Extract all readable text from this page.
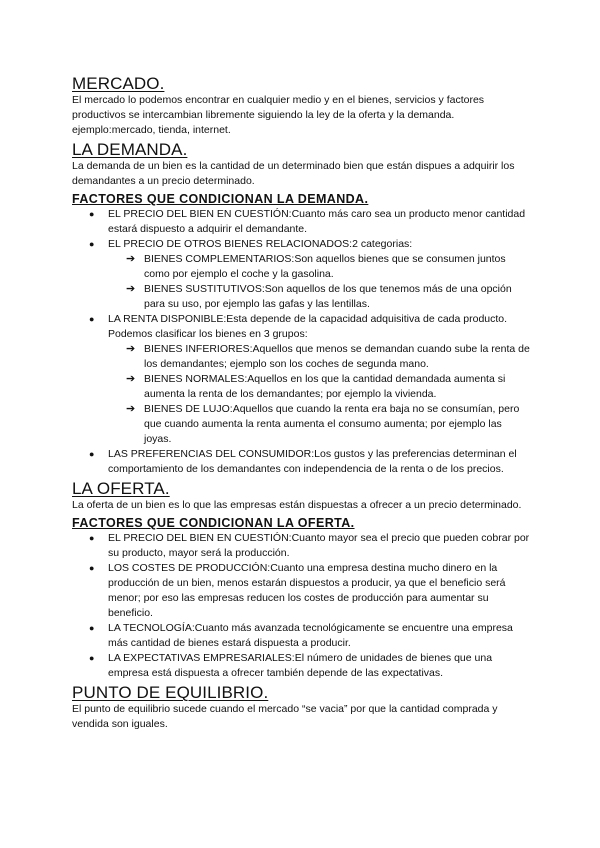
MERCADO.

El mercado lo podemos encontrar en cualquier medio y en el bienes, servicios y factores productivos se intercambian libremente siguiendo la ley de la oferta y la demanda.

ejemplo:mercado, tienda, internet.

LA DEMANDA.

La demanda de un bien es la cantidad de un determinado bien que están dispues a adquirir los demandantes a un precio determinado.

FACTORES QUE CONDICIONAN LA DEMANDA.
● EL PRECIO DEL BIEN EN CUESTIÓN:Cuanto más caro sea un producto menor cantidad estará dispuesto a adquirir el demandante.
● EL PRECIO DE OTROS BIENES RELACIONADOS:2 categorias:
➔ BIENES COMPLEMENTARIOS:Son aquellos bienes que se consumen juntos como por ejemplo el coche y la gasolina.
➔ BIENES SUSTITUTIVOS:Son aquellos de los que tenemos más de una opción para su uso, por ejemplo las gafas y las lentillas.
● LA RENTA DISPONIBLE:Esta depende de la capacidad adquisitiva de cada producto. Podemos clasificar los bienes en 3 grupos:
➔ BIENES INFERIORES:Aquellos que menos se demandan cuando sube la renta de los demandantes; ejemplo son los coches de segunda mano.
➔ BIENES NORMALES:Aquellos en los que la cantidad demandada aumenta si aumenta la renta de los demandantes; por ejemplo la vivienda.
➔ BIENES DE LUJO:Aquellos que cuando la renta era baja no se consumían, pero que cuando aumenta la renta aumenta el consumo aumenta; por ejemplo las joyas.
● LAS PREFERENCIAS DEL CONSUMIDOR:Los gustos y las preferencias determinan el comportamiento de los demandantes con independencia de la renta o de los precios.
LA OFERTA.

La oferta de un bien es lo que las empresas están dispuestas a ofrecer a un precio determinado.

FACTORES QUE CONDICIONAN LA OFERTA.
● EL PRECIO DEL BIEN EN CUESTIÓN:Cuanto mayor sea el precio que pueden cobrar por su producto, mayor será la producción.
● LOS COSTES DE PRODUCCIÓN:Cuanto una empresa destina mucho dinero en la producción de un bien, menos estarán dispuestos a producir, ya que el beneficio será menor; por eso las empresas reducen los costes de producción para aumentar su beneficio.
● LA TECNOLOGÍA:Cuanto más avanzada tecnológicamente se encuentre una empresa más cantidad de bienes estará dispuesta a producir.
● LA EXPECTATIVAS EMPRESARIALES:El número de unidades de bienes que una empresa está dispuesta a ofrecer también depende de las expectativas.
PUNTO DE EQUILIBRIO.

El punto de equilibrio sucede cuando el mercado “se vacia” por que la cantidad comprada y vendida son iguales.
